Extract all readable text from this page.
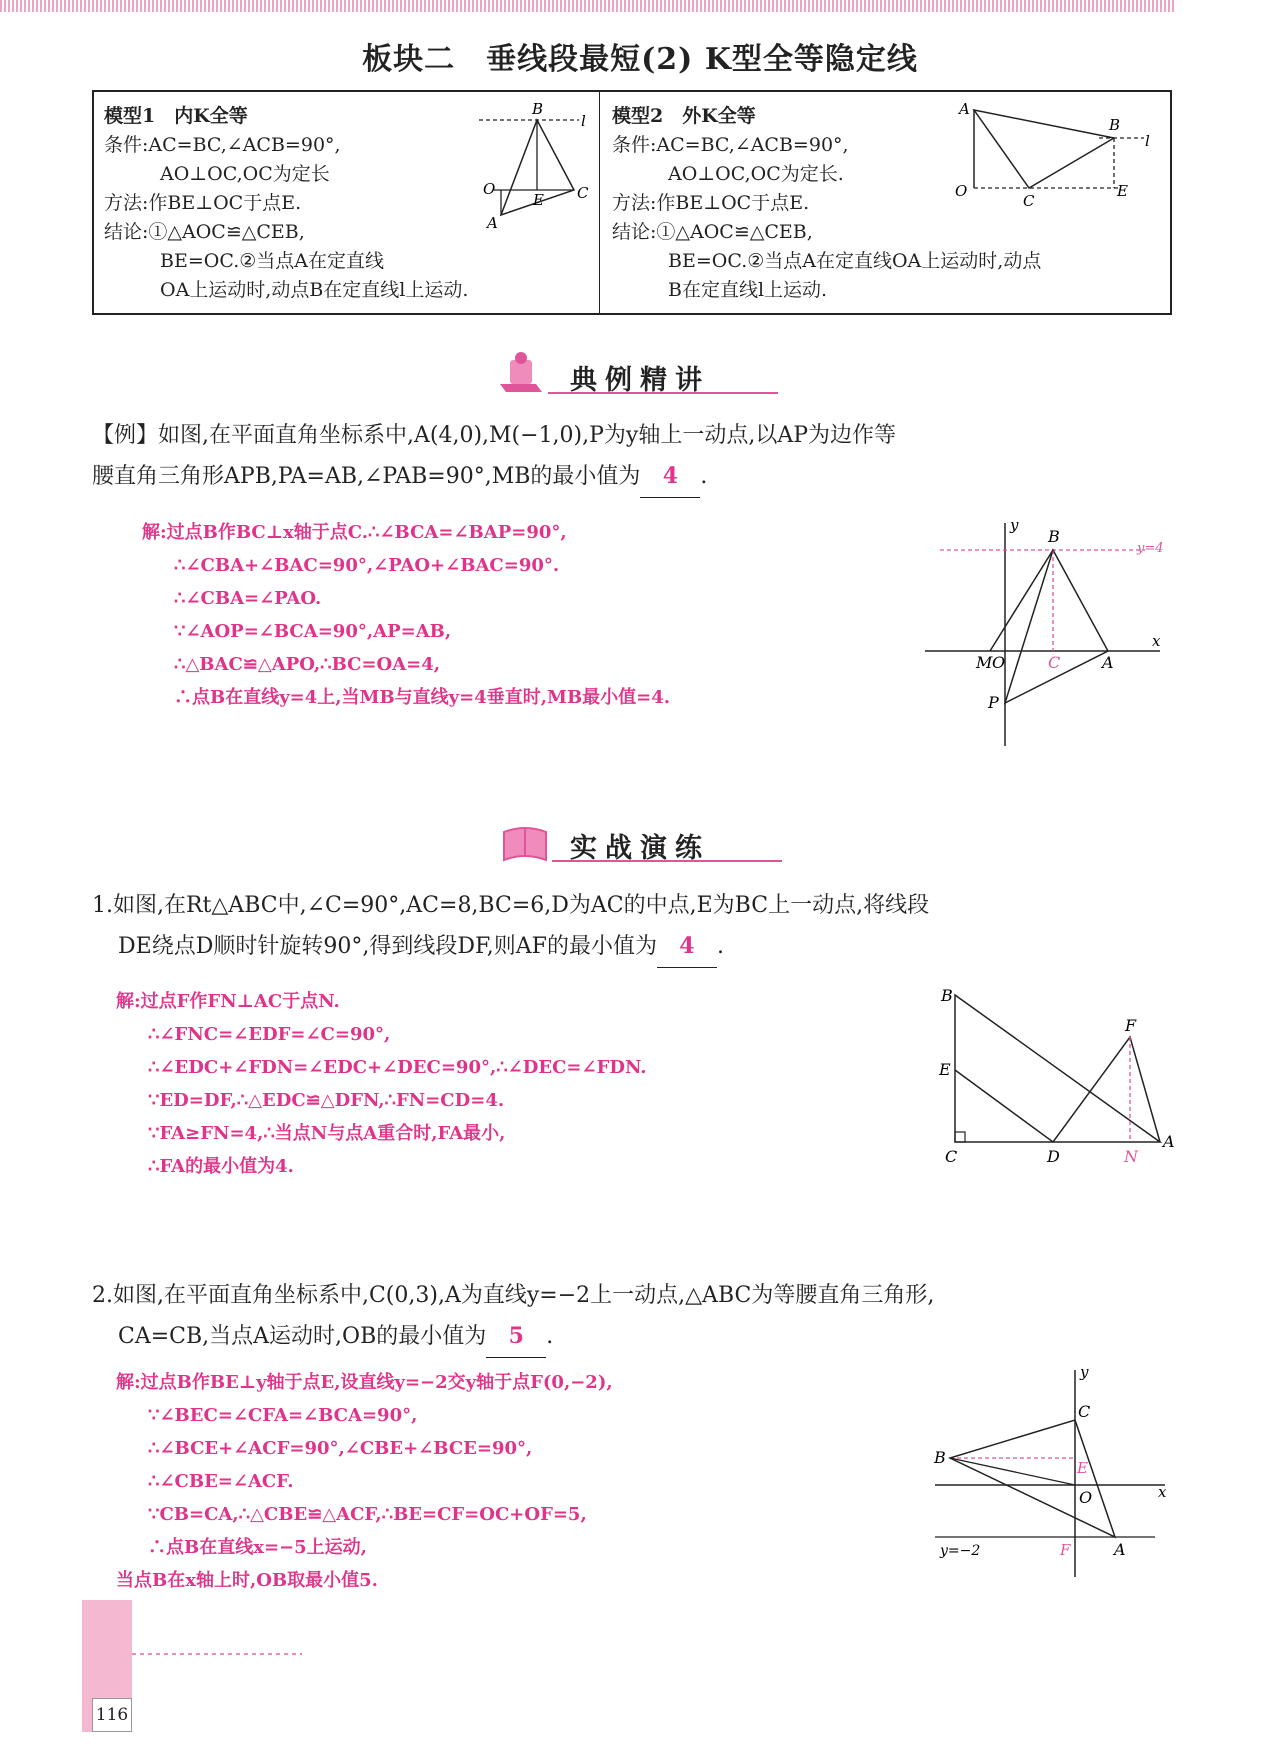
板块二　垂线段最短(2) K型全等隐定线
模型1　内K全等
条件:AC=BC,∠ACB=90°,
AO⊥OC,OC为定长
方法:作BE⊥OC于点E.
结论:①△AOC≌△CEB,
BE=OC.②当点A在定直线
OA上运动时,动点B在定直线l上运动.
B
l
O
E C
A
模型2　外K全等
条件:AC=BC,∠ACB=90°,
AO⊥OC,OC为定长.
方法:作BE⊥OC于点E.
结论:①△AOC≌△CEB,
BE=OC.②当点A在定直线OA上运动时,动点
B在定直线l上运动.
A
B
l
O
C
E
典例精讲
【例】如图,在平面直角坐标系中,A(4,0),M(−1,0),P为y轴上一动点,以AP为边作等
腰直角三角形APB,PA=AB,∠PAB=90°,MB的最小值为 4 .
解:过点B作BC⊥x轴于点C.∴∠BCA=∠BAP=90°,
∴∠CBA+∠BAC=90°,∠PAO+∠BAC=90°.
∴∠CBA=∠PAO.
∵∠AOP=∠BCA=90°,AP=AB,
∴△BAC≌△APO,∴BC=OA=4,
∴点B在直线y=4上,当MB与直线y=4垂直时,MB最小值=4.
y
B
y=4
M O	C	A
x
P
实战演练
1.如图,在Rt△ABC中,∠C=90°,AC=8,BC=6,D为AC的中点,E为BC上一动点,将线段
DE绕点D顺时针旋转90°,得到线段DF,则AF的最小值为 4 .
解:过点F作FN⊥AC于点N.
∴∠FNC=∠EDF=∠C=90°,
∴∠EDC+∠FDN=∠EDC+∠DEC=90°,∴∠DEC=∠FDN.
∵ED=DF,∴△EDC≌△DFN,∴FN=CD=4.
∵FA≥FN=4,∴当点N与点A重合时,FA最小,
∴FA的最小值为4.
B
F
E
C	D	N
A
2.如图,在平面直角坐标系中,C(0,3),A为直线y=−2上一动点,△ABC为等腰直角三角形,
CA=CB,当点A运动时,OB的最小值为 5 .
解:过点B作BE⊥y轴于点E,设直线y=−2交y轴于点F(0,−2),
∵∠BEC=∠CFA=∠BCA=90°,
∴∠BCE+∠ACF=90°,∠CBE+∠BCE=90°,
∴∠CBE=∠ACF.
∵CB=CA,∴△CBE≌△ACF,∴BE=CF=OC+OF=5,
∴点B在直线x=−5上运动,
当点B在x轴上时,OB取最小值5.
y
C
B
E
O	x
y=−2	F	A
116
